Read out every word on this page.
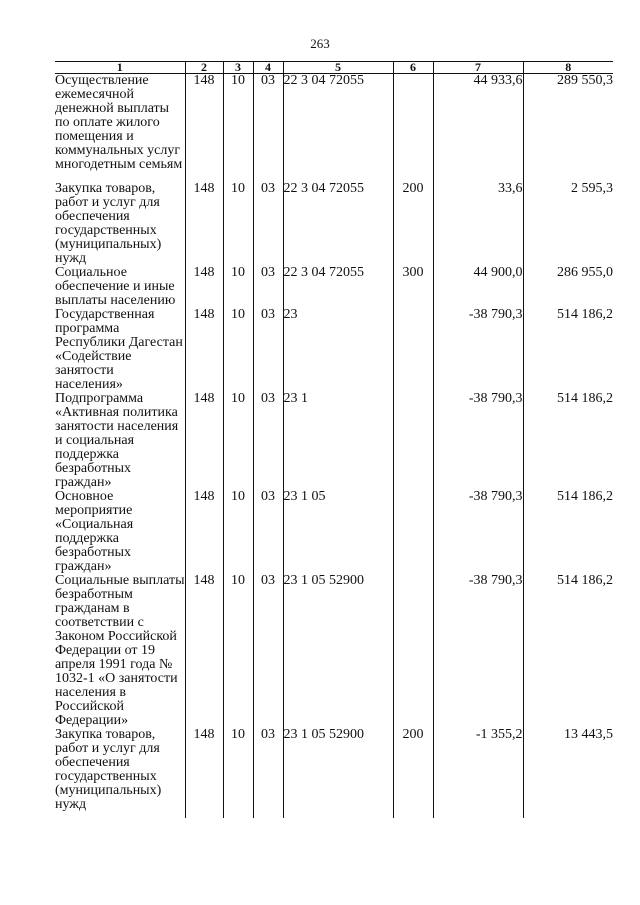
263
1	2	3	4	5	6	7	8
Осуществление ежемесячной денежной выплаты по оплате жилого помещения и коммунальных услуг многодетным семьям	148	10	03	22 3 04 72055		44 933,6	289 550,3
Закупка товаров, работ и услуг для обеспечения государственных (муниципальных) нужд	148	10	03	22 3 04 72055	200	33,6	2 595,3
Социальное обеспечение и иные выплаты населению	148	10	03	22 3 04 72055	300	44 900,0	286 955,0
Государственная программа Республики Дагестан «Содействие занятости населения»	148	10	03	23		-38 790,3	514 186,2
Подпрограмма «Активная политика занятости населения и социальная поддержка безработных граждан»	148	10	03	23 1		-38 790,3	514 186,2
Основное мероприятие «Социальная поддержка безработных граждан»	148	10	03	23 1 05		-38 790,3	514 186,2
Социальные выплаты безработным гражданам в соответствии с Законом Российской Федерации от 19 апреля 1991 года № 1032-1 «О занятости населения в Российской Федерации»	148	10	03	23 1 05 52900		-38 790,3	514 186,2
Закупка товаров, работ и услуг для обеспечения государственных (муниципальных) нужд	148	10	03	23 1 05 52900	200	-1 355,2	13 443,5
